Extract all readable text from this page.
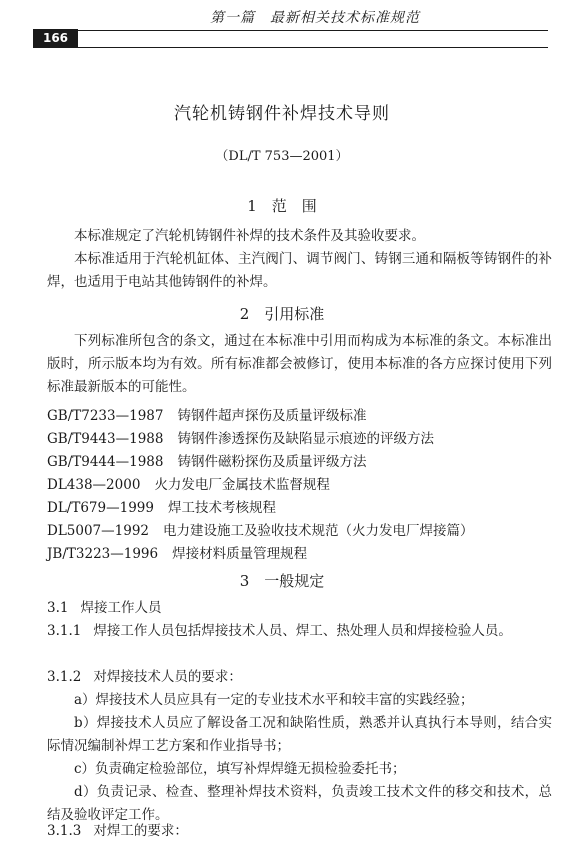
第一篇　最新相关技术标准规范
166
汽轮机铸钢件补焊技术导则
（DL/T 753—2001）
1　范　围
本标准规定了汽轮机铸钢件补焊的技术条件及其验收要求。
本标准适用于汽轮机缸体、主汽阀门、调节阀门、铸钢三通和隔板等铸钢件的补焊，也适用于电站其他铸钢件的补焊。
2　引用标准
下列标准所包含的条文，通过在本标准中引用而构成为本标准的条文。本标准出版时，所示版本均为有效。所有标准都会被修订，使用本标准的各方应探讨使用下列标准最新版本的可能性。
GB/T7233—1987 铸钢件超声探伤及质量评级标准
GB/T9443—1988 铸钢件渗透探伤及缺陷显示痕迹的评级方法
GB/T9444—1988 铸钢件磁粉探伤及质量评级方法
DL438—2000 火力发电厂金属技术监督规程
DL/T679—1999 焊工技术考核规程
DL5007—1992 电力建设施工及验收技术规范（火力发电厂焊接篇）
JB/T3223—1996 焊接材料质量管理规程
3　一般规定
3.1 焊接工作人员
3.1.1 焊接工作人员包括焊接技术人员、焊工、热处理人员和焊接检验人员。
3.1.2 对焊接技术人员的要求：
a）焊接技术人员应具有一定的专业技术水平和较丰富的实践经验；
b）焊接技术人员应了解设备工况和缺陷性质，熟悉并认真执行本导则，结合实际情况编制补焊工艺方案和作业指导书；
c）负责确定检验部位，填写补焊焊缝无损检验委托书；
d）负责记录、检查、整理补焊技术资料，负责竣工技术文件的移交和技术，总结及验收评定工作。
3.1.3 对焊工的要求：
